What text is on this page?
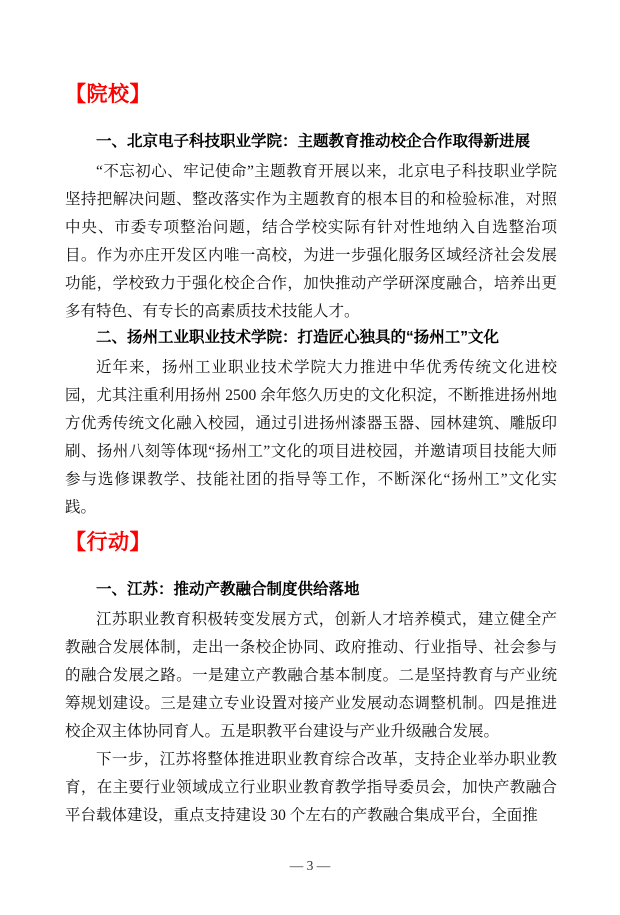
【院校】
一、北京电子科技职业学院：主题教育推动校企合作取得新进展

“不忘初心、牢记使命”主题教育开展以来，北京电子科技职业学院坚持把解决问题、整改落实作为主题教育的根本目的和检验标准，对照中央、市委专项整治问题，结合学校实际有针对性地纳入自选整治项目。作为亦庄开发区内唯一高校，为进一步强化服务区域经济社会发展功能，学校致力于强化校企合作，加快推动产学研深度融合，培养出更多有特色、有专长的高素质技术技能人才。

二、扬州工业职业技术学院：打造匠心独具的“扬州工”文化

近年来，扬州工业职业技术学院大力推进中华优秀传统文化进校园，尤其注重利用扬州 2500 余年悠久历史的文化积淀，不断推进扬州地方优秀传统文化融入校园，通过引进扬州漆器玉器、园林建筑、雕版印刷、扬州八刻等体现“扬州工”文化的项目进校园，并邀请项目技能大师参与选修课教学、技能社团的指导等工作，不断深化“扬州工”文化实践。

【行动】
一、江苏：推动产教融合制度供给落地

江苏职业教育积极转变发展方式，创新人才培养模式，建立健全产教融合发展体制，走出一条校企协同、政府推动、行业指导、社会参与的融合发展之路。一是建立产教融合基本制度。二是坚持教育与产业统筹规划建设。三是建立专业设置对接产业发展动态调整机制。四是推进校企双主体协同育人。五是职教平台建设与产业升级融合发展。

下一步，江苏将整体推进职业教育综合改革，支持企业举办职业教育，在主要行业领域成立行业职业教育教学指导委员会，加快产教融合平台载体建设，重点支持建设 30 个左右的产教融合集成平台，全面推

— 3 —
